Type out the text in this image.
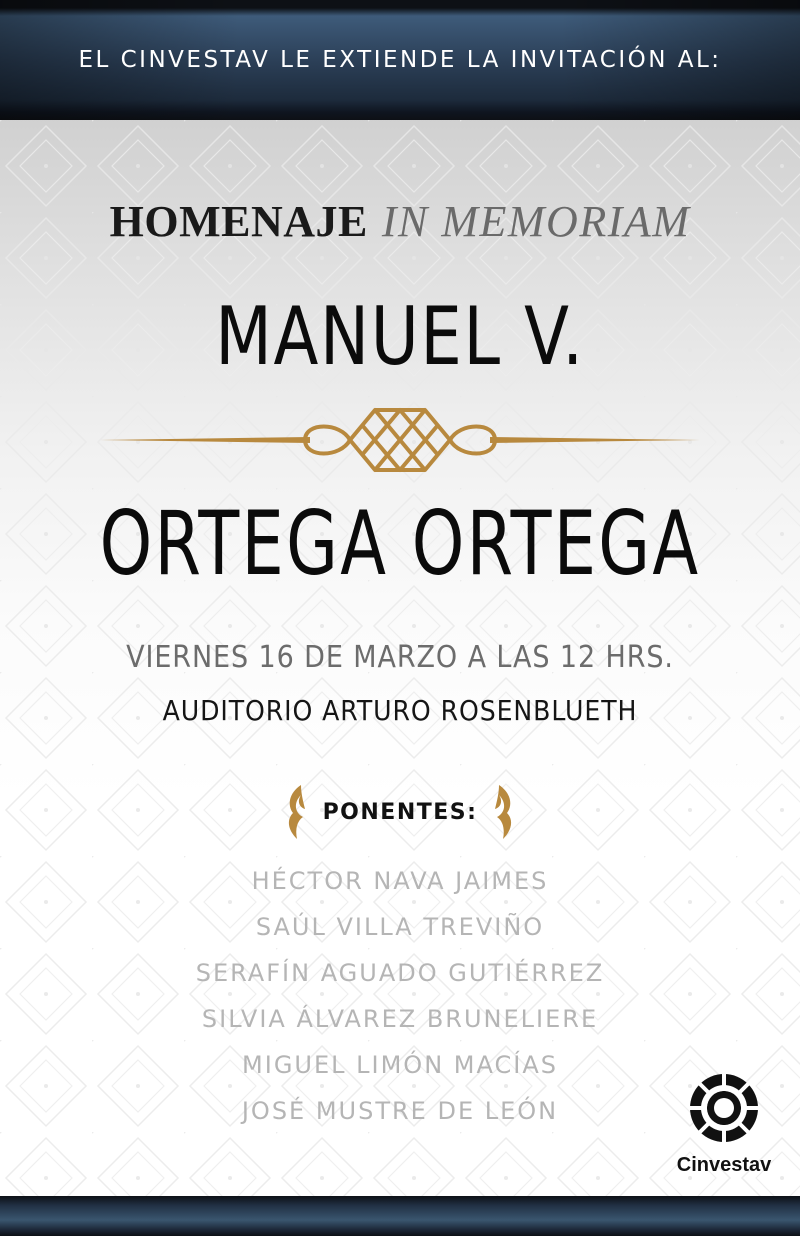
EL CINVESTAV LE EXTIENDE LA INVITACIÓN AL:
HOMENAJE IN MEMORIAM
MANUEL V.
ORTEGA ORTEGA
VIERNES 16 DE MARZO A LAS 12 HRS.
AUDITORIO ARTURO ROSENBLUETH
PONENTES:
HÉCTOR NAVA JAIMES
SAÚL VILLA TREVIÑO
SERAFÍN AGUADO GUTIÉRREZ
SILVIA ÁLVAREZ BRUNELIERE
MIGUEL LIMÓN MACÍAS
JOSÉ MUSTRE DE LEÓN
Cinvestav
